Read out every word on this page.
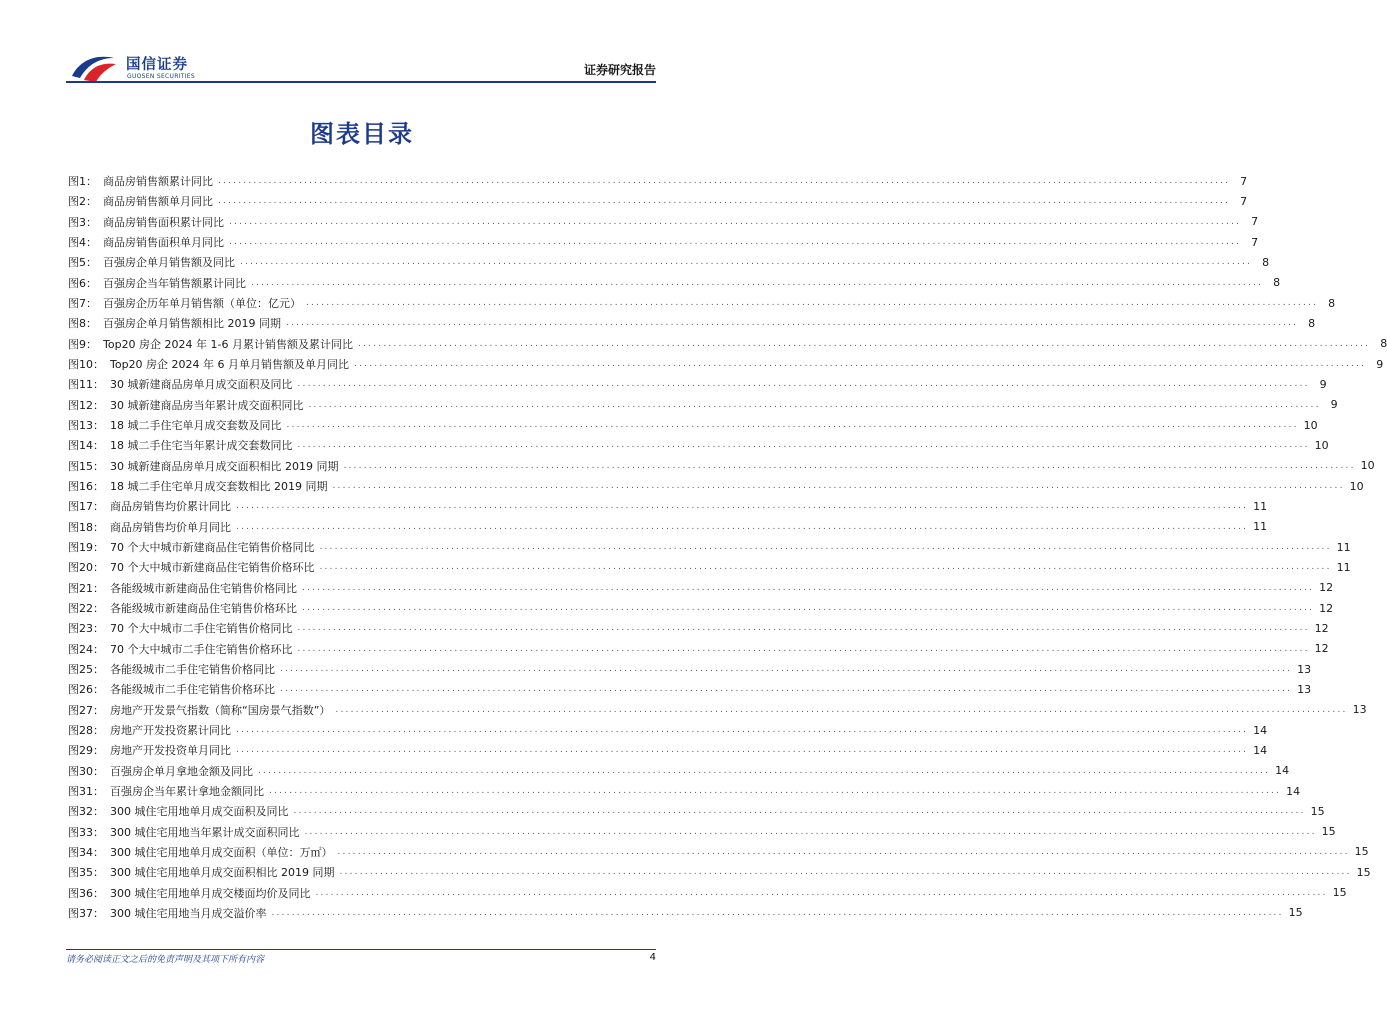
国信证券
GUOSEN SECURITIES	证券研究报告
图表目录
图1： 商品房销售额累计同比 ........................................................................................................................................................................................................ 7
图2： 商品房销售额单月同比 ........................................................................................................................................................................................................ 7
图3： 商品房销售面积累计同比 ........................................................................................................................................................................................................ 7
图4： 商品房销售面积单月同比 ........................................................................................................................................................................................................ 7
图5： 百强房企单月销售额及同比 ........................................................................................................................................................................................................ 8
图6： 百强房企当年销售额累计同比 ........................................................................................................................................................................................................ 8
图7： 百强房企历年单月销售额（单位：亿元） ........................................................................................................................................................................................................ 8
图8： 百强房企单月销售额相比 2019 同期 ........................................................................................................................................................................................................ 8
图9： Top20 房企 2024 年 1-6 月累计销售额及累计同比 ........................................................................................................................................................................................................ 8
图10： Top20 房企 2024 年 6 月单月销售额及单月同比 ........................................................................................................................................................................................................ 9
图11： 30 城新建商品房单月成交面积及同比 ........................................................................................................................................................................................................ 9
图12： 30 城新建商品房当年累计成交面积同比 ........................................................................................................................................................................................................ 9
图13： 18 城二手住宅单月成交套数及同比 ........................................................................................................................................................................................................ 10
图14： 18 城二手住宅当年累计成交套数同比 ........................................................................................................................................................................................................ 10
图15： 30 城新建商品房单月成交面积相比 2019 同期 ........................................................................................................................................................................................................ 10
图16： 18 城二手住宅单月成交套数相比 2019 同期 ........................................................................................................................................................................................................ 10
图17： 商品房销售均价累计同比 ........................................................................................................................................................................................................ 11
图18： 商品房销售均价单月同比 ........................................................................................................................................................................................................ 11
图19： 70 个大中城市新建商品住宅销售价格同比 ........................................................................................................................................................................................................ 11
图20： 70 个大中城市新建商品住宅销售价格环比 ........................................................................................................................................................................................................ 11
图21： 各能级城市新建商品住宅销售价格同比 ........................................................................................................................................................................................................ 12
图22： 各能级城市新建商品住宅销售价格环比 ........................................................................................................................................................................................................ 12
图23： 70 个大中城市二手住宅销售价格同比 ........................................................................................................................................................................................................ 12
图24： 70 个大中城市二手住宅销售价格环比 ........................................................................................................................................................................................................ 12
图25： 各能级城市二手住宅销售价格同比 ........................................................................................................................................................................................................ 13
图26： 各能级城市二手住宅销售价格环比 ........................................................................................................................................................................................................ 13
图27： 房地产开发景气指数（简称“国房景气指数”） ........................................................................................................................................................................................................ 13
图28： 房地产开发投资累计同比 ........................................................................................................................................................................................................ 14
图29： 房地产开发投资单月同比 ........................................................................................................................................................................................................ 14
图30： 百强房企单月拿地金额及同比 ........................................................................................................................................................................................................ 14
图31： 百强房企当年累计拿地金额同比 ........................................................................................................................................................................................................ 14
图32： 300 城住宅用地单月成交面积及同比 ........................................................................................................................................................................................................ 15
图33： 300 城住宅用地当年累计成交面积同比 ........................................................................................................................................................................................................ 15
图34： 300 城住宅用地单月成交面积（单位：万㎡） ........................................................................................................................................................................................................ 15
图35： 300 城住宅用地单月成交面积相比 2019 同期 ........................................................................................................................................................................................................ 15
图36： 300 城住宅用地单月成交楼面均价及同比 ........................................................................................................................................................................................................ 15
图37： 300 城住宅用地当月成交溢价率 ........................................................................................................................................................................................................ 15
请务必阅读正文之后的免责声明及其项下所有内容	4
